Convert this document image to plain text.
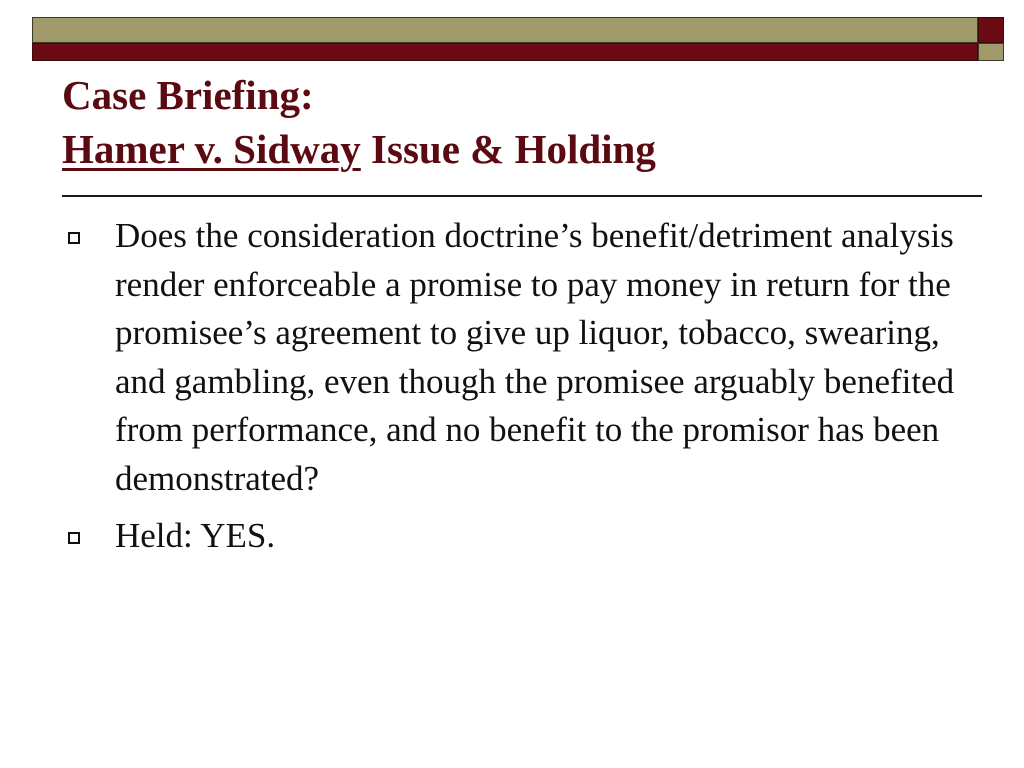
Case Briefing:
Hamer v. Sidway Issue & Holding
Does the consideration doctrine’s benefit/detriment analysis render enforceable a promise to pay money in return for the promisee’s agreement to give up liquor, tobacco, swearing, and gambling, even though the promisee arguably benefited from performance, and no benefit to the promisor has been demonstrated?
Held: YES.
